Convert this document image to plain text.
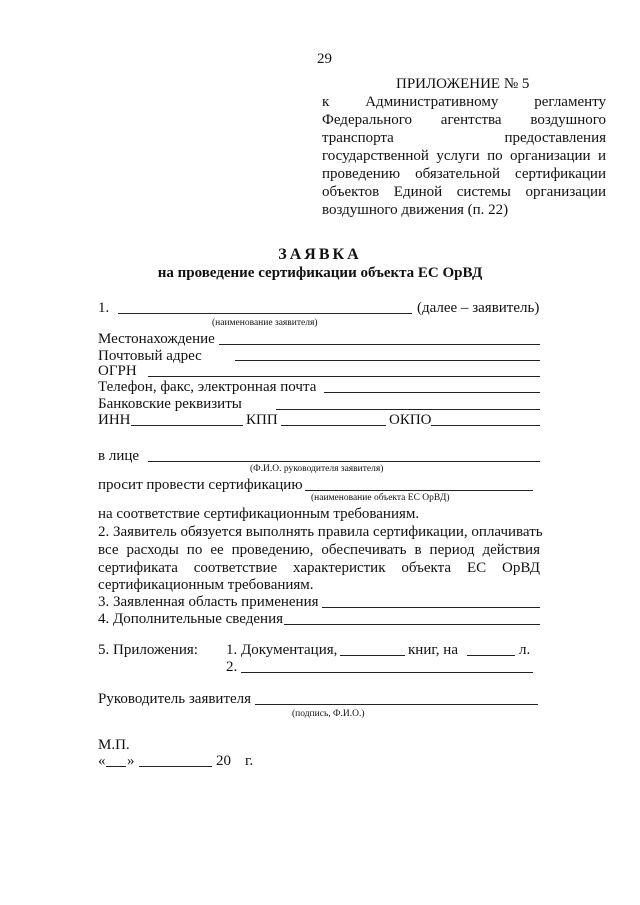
29
ПРИЛОЖЕНИЕ № 5
к Административному регламенту
Федерального агентства воздушного
транспорта предоставления
государственной услуги по организации и
проведению обязательной сертификации
объектов Единой системы организации
воздушного движения (п. 22)
ЗАЯВКА
на проведение сертификации объекта ЕС ОрВД
1.	(далее – заявитель)
(наименование заявителя)
Местонахождение
Почтовый адрес
ОГРН
Телефон, факс, электронная почта
Банковские реквизиты
ИНН	КПП	ОКПО
в лице
(Ф.И.О. руководителя заявителя)
просит провести сертификацию
(наименование объекта ЕС ОрВД)
на соответствие сертификационным требованиям.
2. Заявитель обязуется выполнять правила сертификации, оплачивать
все расходы по ее проведению, обеспечивать в период действия
сертификата соответствие характеристик объекта ЕС ОрВД
сертификационным требованиям.
3. Заявленная область применения
4. Дополнительные сведения
5. Приложения: 1. Документация,	книг, на	л.
2.
Руководитель заявителя
(подпись, Ф.И.О.)
М.П.
« »	20 г.
